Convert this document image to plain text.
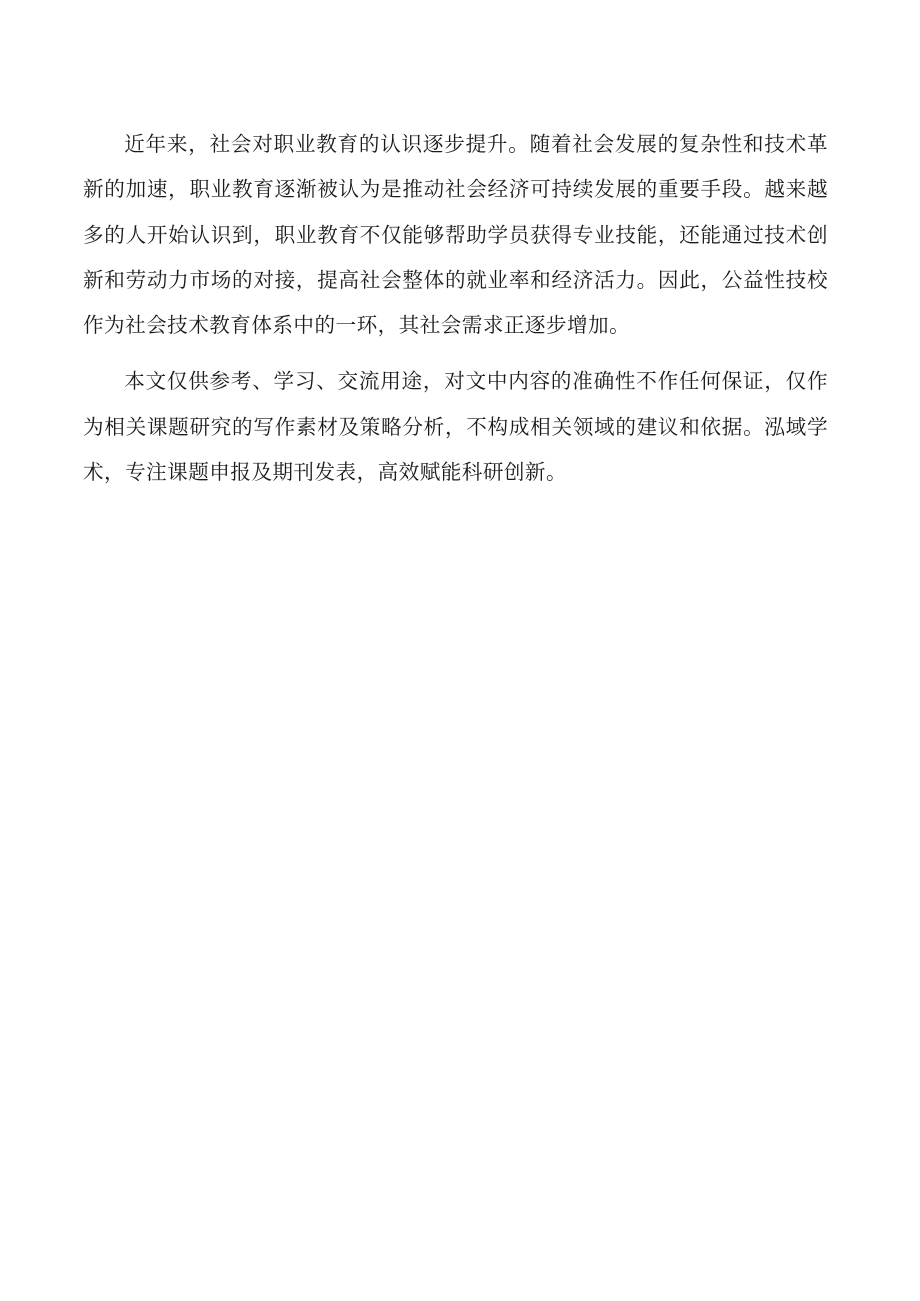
近年来，社会对职业教育的认识逐步提升。随着社会发展的复杂性和技术革新的加速，职业教育逐渐被认为是推动社会经济可持续发展的重要手段。越来越多的人开始认识到，职业教育不仅能够帮助学员获得专业技能，还能通过技术创新和劳动力市场的对接，提高社会整体的就业率和经济活力。因此，公益性技校作为社会技术教育体系中的一环，其社会需求正逐步增加。

本文仅供参考、学习、交流用途，对文中内容的准确性不作任何保证，仅作为相关课题研究的写作素材及策略分析，不构成相关领域的建议和依据。泓域学术，专注课题申报及期刊发表，高效赋能科研创新。
